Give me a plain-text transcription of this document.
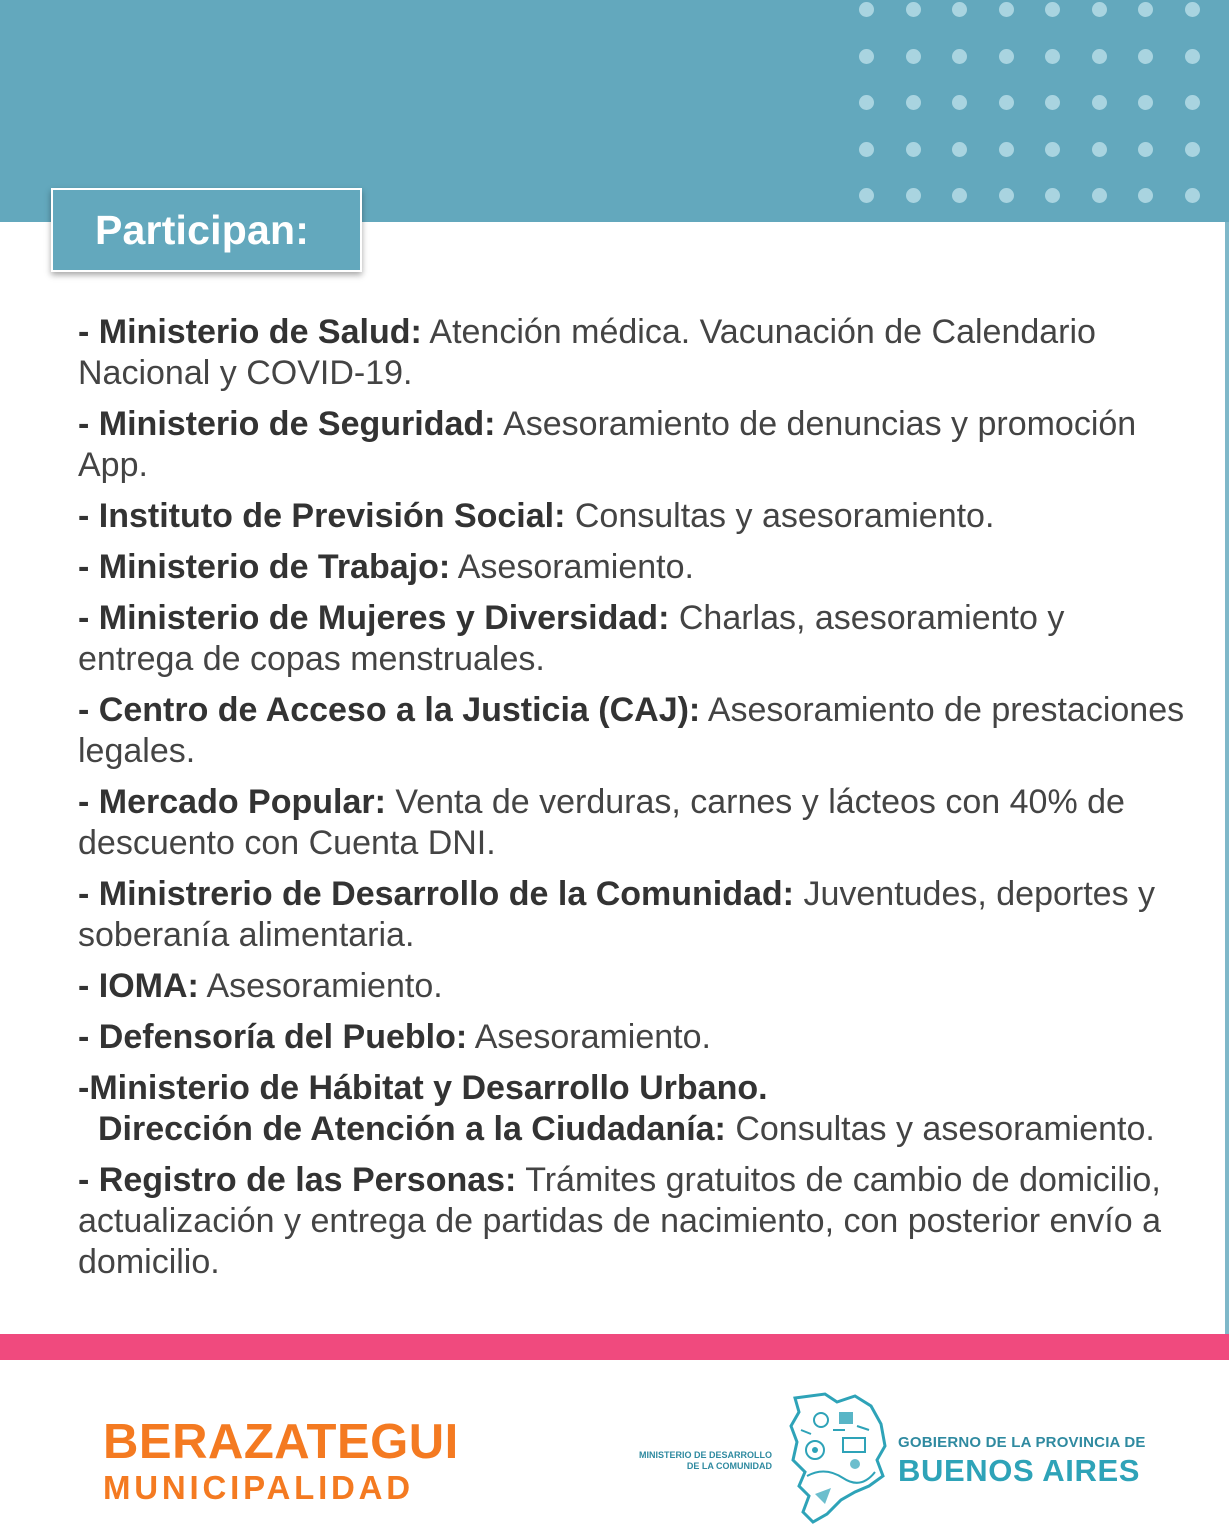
Participan:
- Ministerio de Salud: Atención médica. Vacunación de Calendario Nacional y COVID-19.
- Ministerio de Seguridad: Asesoramiento de denuncias y promoción App.
- Instituto de Previsión Social: Consultas y asesoramiento.
- Ministerio de Trabajo: Asesoramiento.
- Ministerio de Mujeres y Diversidad: Charlas, asesoramiento y entrega de copas menstruales.
- Centro de Acceso a la Justicia (CAJ): Asesoramiento de prestaciones legales.
- Mercado Popular: Venta de verduras, carnes y lácteos con 40% de descuento con Cuenta DNI.
- Ministrerio de Desarrollo de la Comunidad: Juventudes, deportes y soberanía alimentaria.
- IOMA: Asesoramiento.
- Defensoría del Pueblo: Asesoramiento.
-Ministerio de Hábitat y Desarrollo Urbano.
Dirección de Atención a la Ciudadanía: Consultas y asesoramiento.
- Registro de las Personas: Trámites gratuitos de cambio de domicilio, actualización y entrega de partidas de nacimiento, con posterior envío a domicilio.
BERAZATEGUI
MUNICIPALIDAD
MINISTERIO DE DESARROLLO
DE LA COMUNIDAD
GOBIERNO DE LA PROVINCIA DE
BUENOS AIRES
